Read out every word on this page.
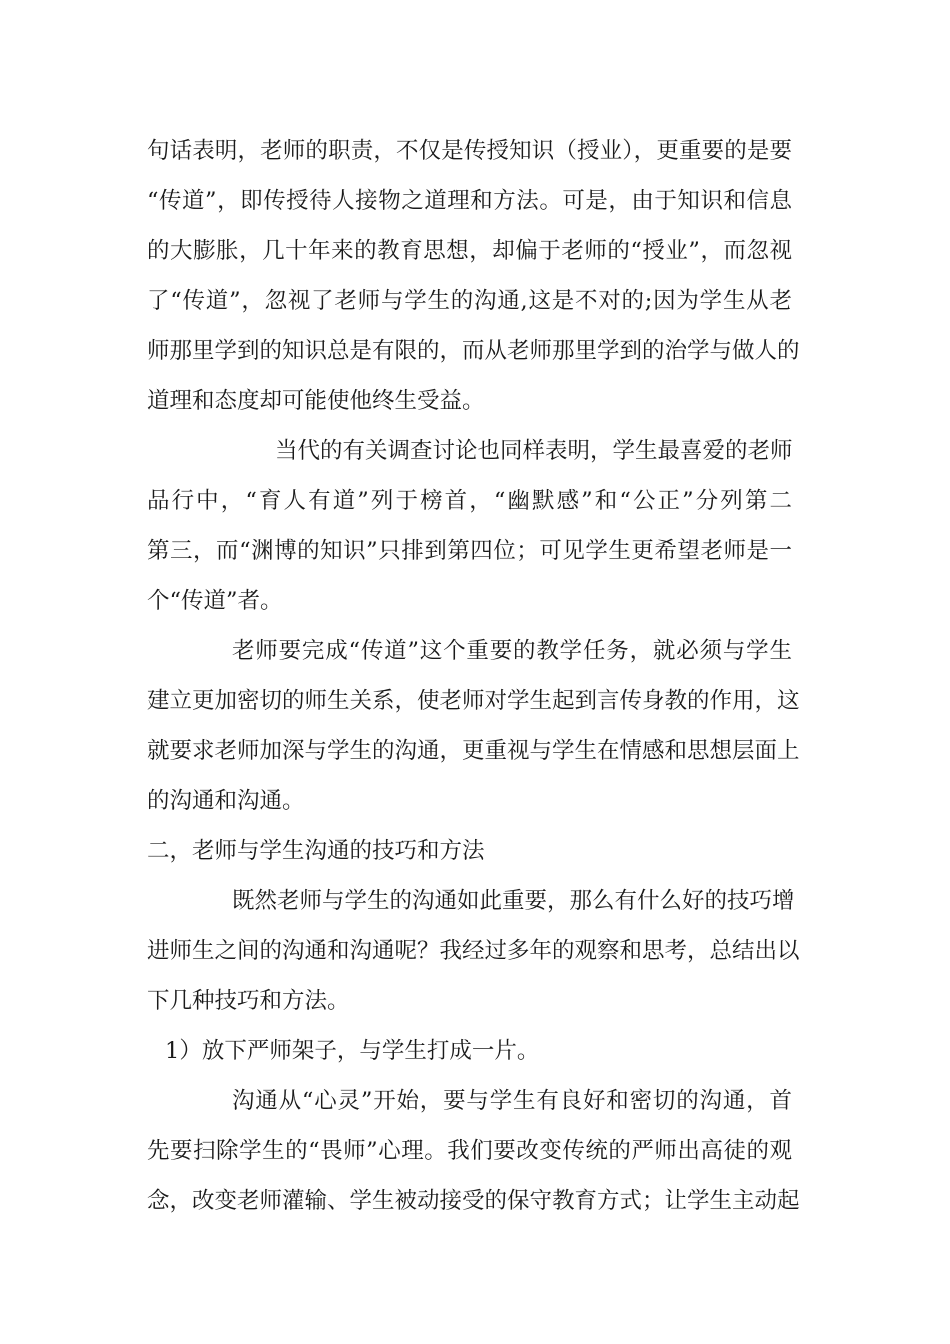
句话表明，老师的职责，不仅是传授知识（授业），更重要的是要
“传道”，即传授待人接物之道理和方法。可是，由于知识和信息
的大膨胀，几十年来的教育思想，却偏于老师的“授业”，而忽视
了“传道”，忽视了老师与学生的沟通,这是不对的;因为学生从老
师那里学到的知识总是有限的，而从老师那里学到的治学与做人的
道理和态度却可能使他终生受益。
当代的有关调查讨论也同样表明，学生最喜爱的老师
品行中，“育人有道”列于榜首，“幽默感”和“公正”分列第二
第三，而“渊博的知识”只排到第四位；可见学生更希望老师是一
个“传道”者。
老师要完成“传道”这个重要的教学任务，就必须与学生
建立更加密切的师生关系，使老师对学生起到言传身教的作用，这
就要求老师加深与学生的沟通，更重视与学生在情感和思想层面上
的沟通和沟通。
二，老师与学生沟通的技巧和方法
既然老师与学生的沟通如此重要，那么有什么好的技巧增
进师生之间的沟通和沟通呢？我经过多年的观察和思考，总结出以
下几种技巧和方法。
1）放下严师架子，与学生打成一片。
沟通从“心灵”开始，要与学生有良好和密切的沟通，首
先要扫除学生的“畏师”心理。我们要改变传统的严师出高徒的观
念，改变老师灌输、学生被动接受的保守教育方式；让学生主动起
